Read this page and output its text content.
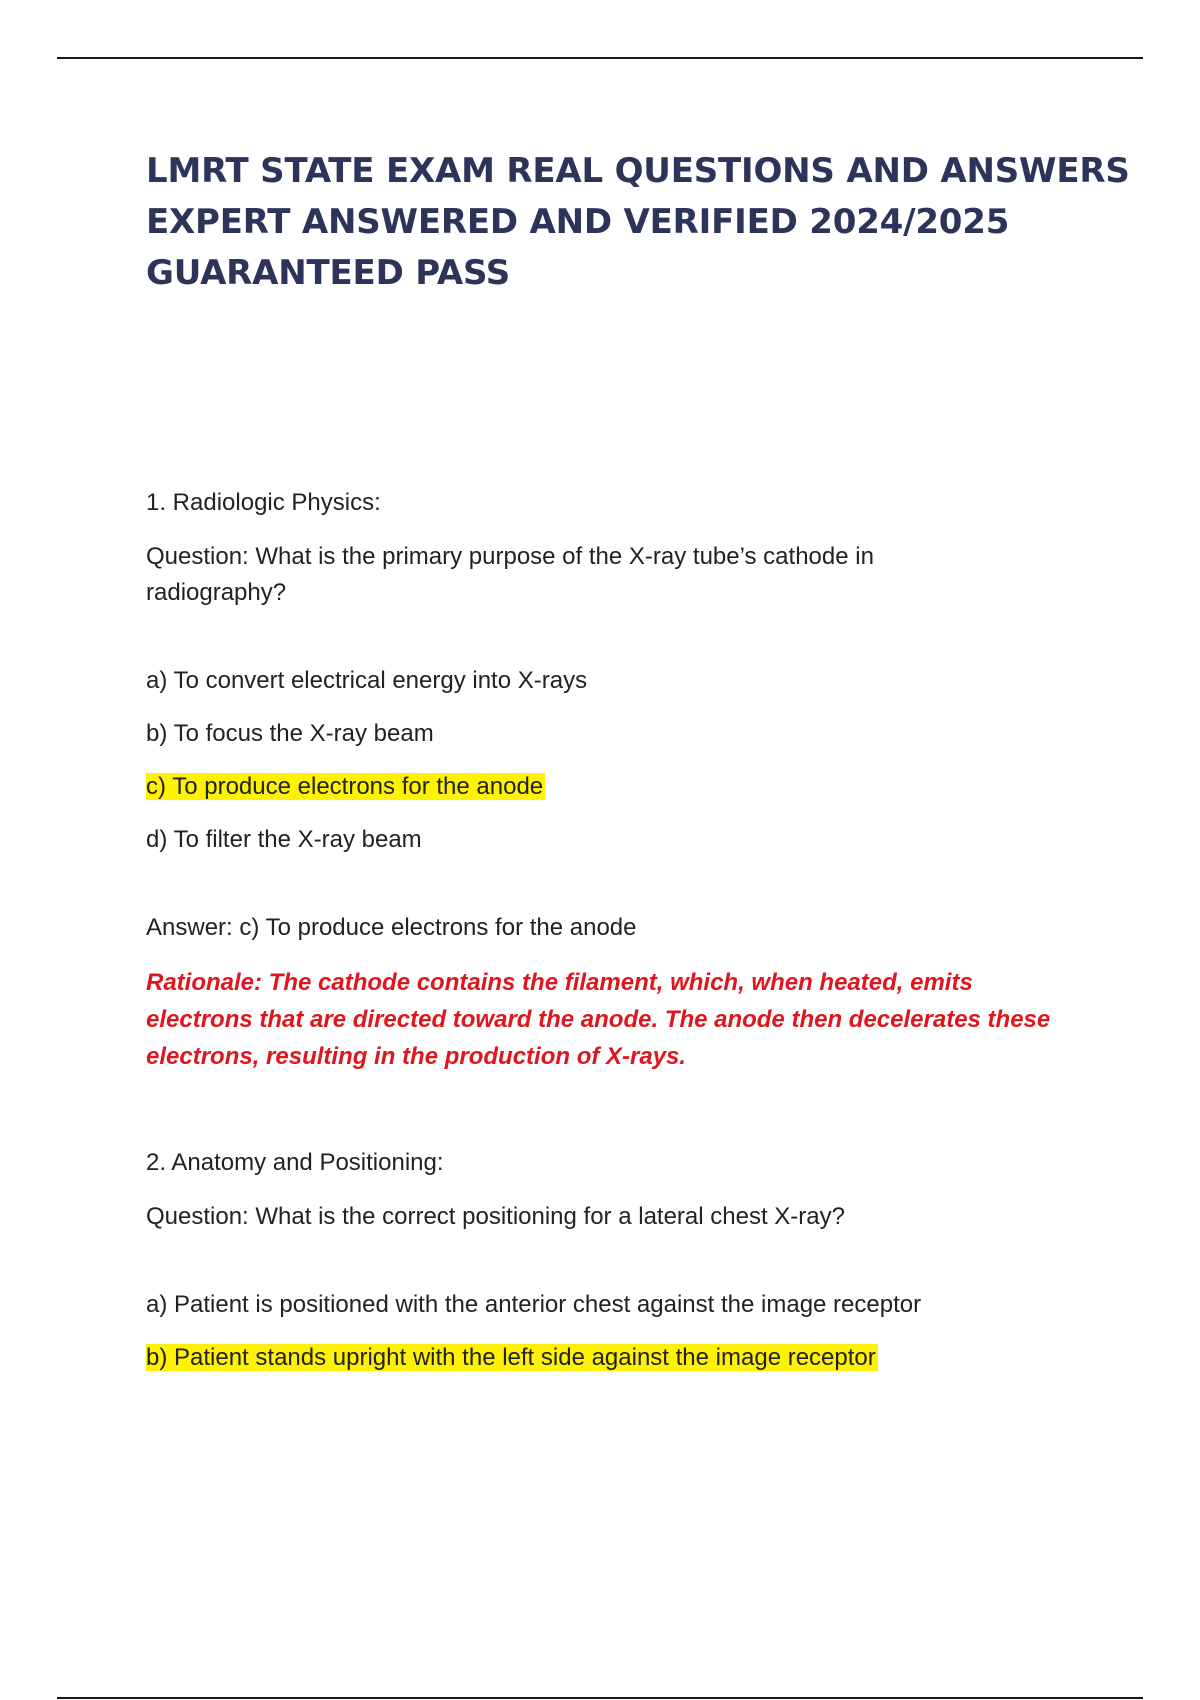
LMRT STATE EXAM REAL QUESTIONS AND ANSWERS
EXPERT ANSWERED AND VERIFIED 2024/2025
GUARANTEED PASS

1. Radiologic Physics:

Question: What is the primary purpose of the X-ray tube’s cathode in
radiography?

a) To convert electrical energy into X-rays

b) To focus the X-ray beam

c) To produce electrons for the anode

d) To filter the X-ray beam

Answer: c) To produce electrons for the anode

Rationale: The cathode contains the filament, which, when heated, emits
electrons that are directed toward the anode. The anode then decelerates these
electrons, resulting in the production of X-rays.

2. Anatomy and Positioning:

Question: What is the correct positioning for a lateral chest X-ray?

a) Patient is positioned with the anterior chest against the image receptor

b) Patient stands upright with the left side against the image receptor
